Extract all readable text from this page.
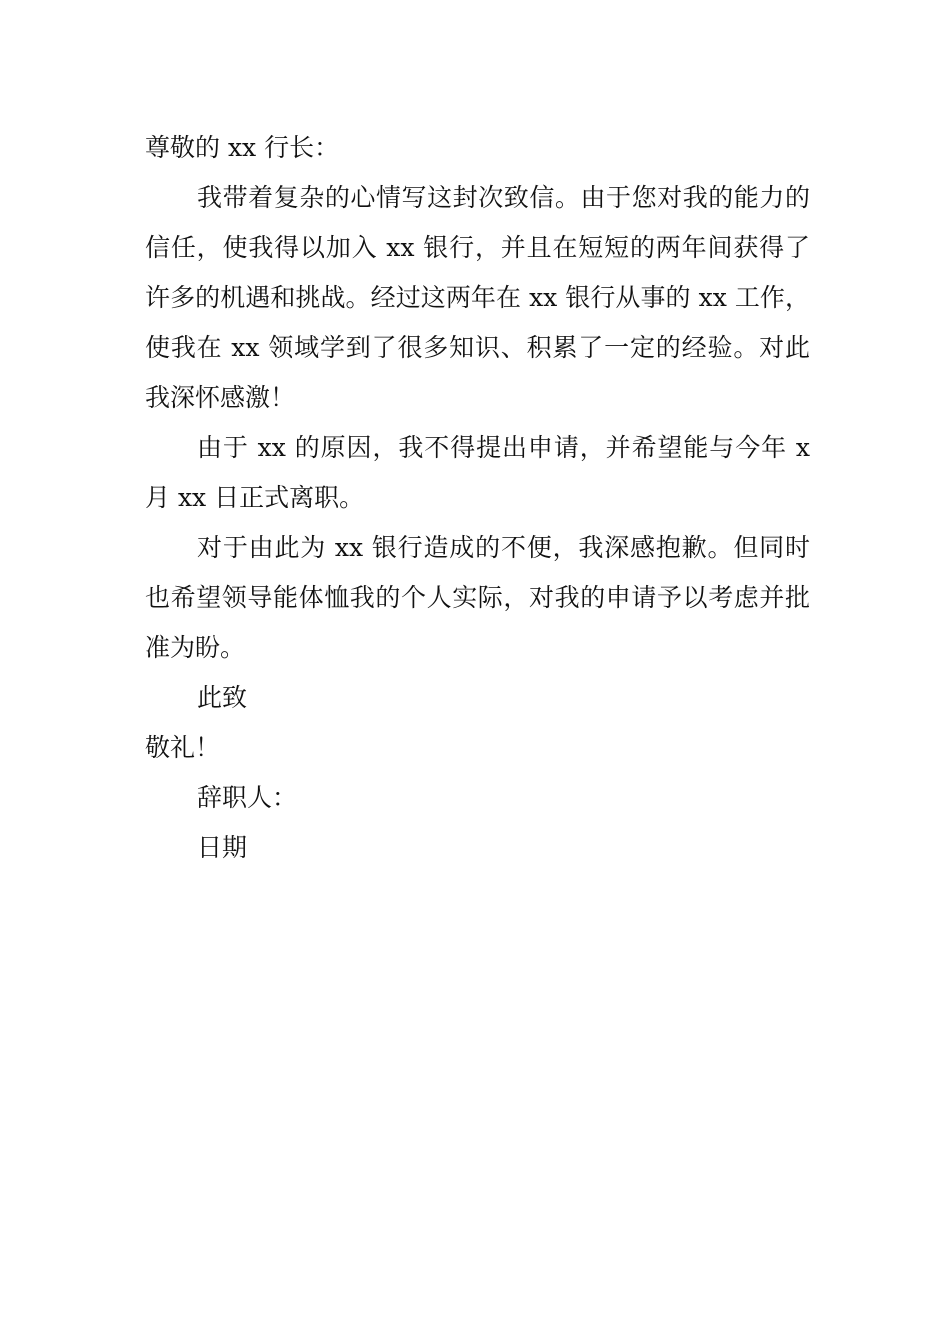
尊敬的 xx 行长：

我带着复杂的心情写这封次致信。由于您对我的能力的信任，使我得以加入 xx 银行，并且在短短的两年间获得了许多的机遇和挑战。经过这两年在 xx 银行从事的 xx 工作，使我在 xx 领域学到了很多知识、积累了一定的经验。对此我深怀感激！

由于 xx 的原因，我不得提出申请，并希望能与今年 x 月 xx 日正式离职。

对于由此为 xx 银行造成的不便，我深感抱歉。但同时也希望领导能体恤我的个人实际，对我的申请予以考虑并批准为盼。

此致

敬礼！

辞职人：

日期
